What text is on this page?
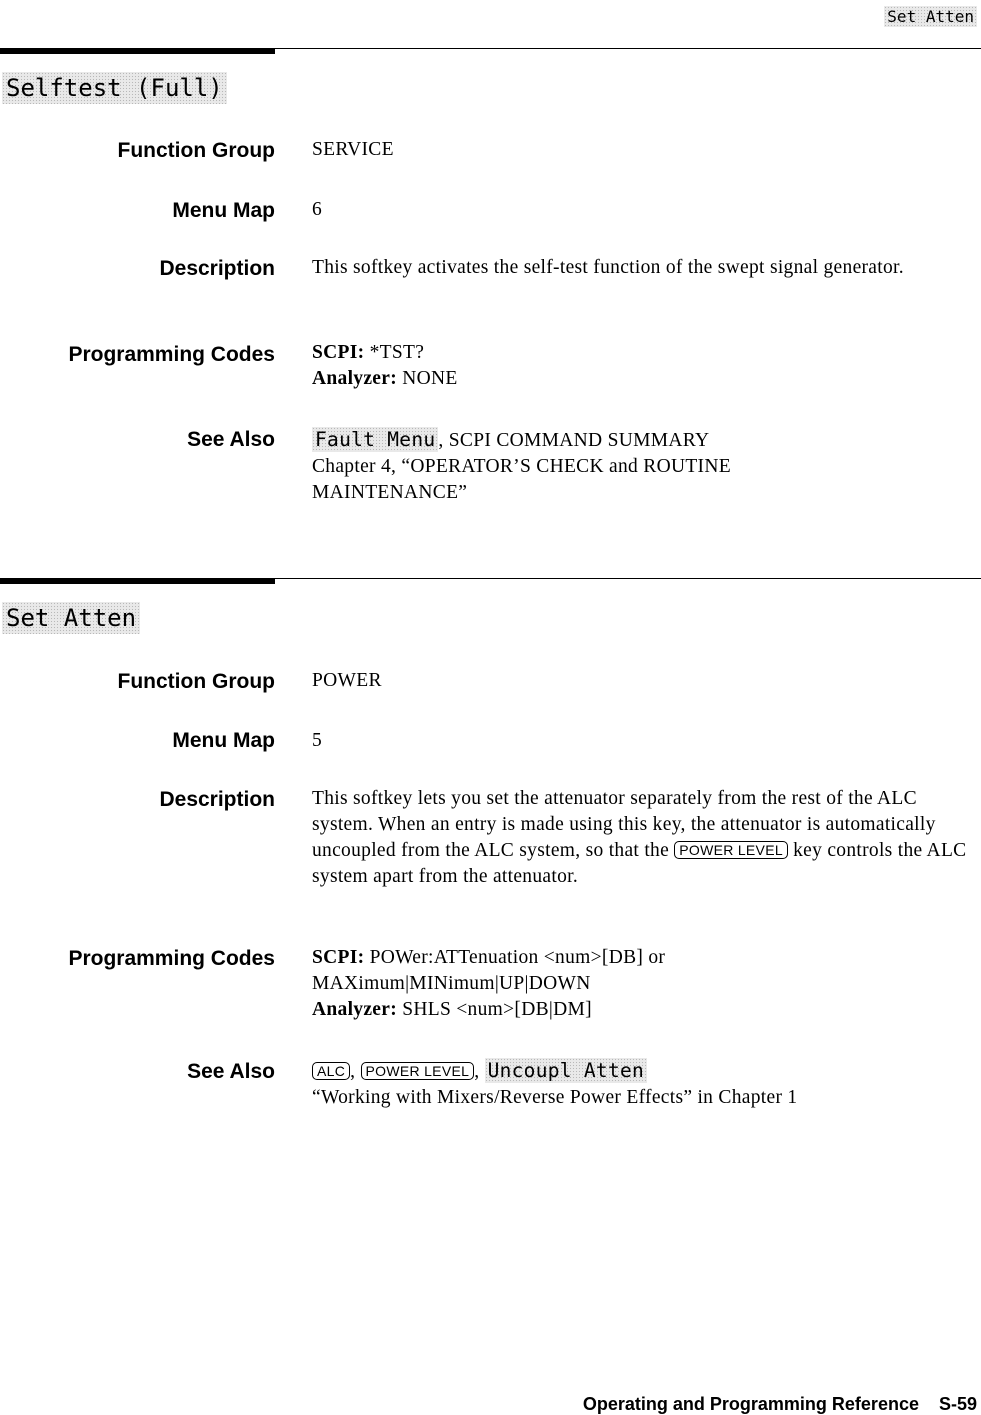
Set Atten
Selftest (Full)
Function Group SERVICE
Menu Map 6
Description This softkey activates the self-test function of the swept signal generator.
Programming Codes SCPI: *TST?
Analyzer: NONE
See Also Fault Menu , SCPI COMMAND SUMMARY
Chapter 4, “OPERATOR’S CHECK and ROUTINE MAINTENANCE”
Set Atten
Function Group POWER
Menu Map 5
Description This softkey lets you set the attenuator separately from the rest of the ALC system. When an entry is made using this key, the attenuator is automatically uncoupled from the ALC system, so that the POWER LEVEL key controls the ALC system apart from the attenuator.
Programming Codes SCPI: POWer:ATTenuation <num>[DB] or MAXimum|MINimum|UP|DOWN
Analyzer: SHLS <num>[DB|DM]
See Also	ALC , POWER LEVEL , Uncoupl Atten
“Working with Mixers/Reverse Power Effects” in Chapter 1
Operating and Programming Reference S-59
